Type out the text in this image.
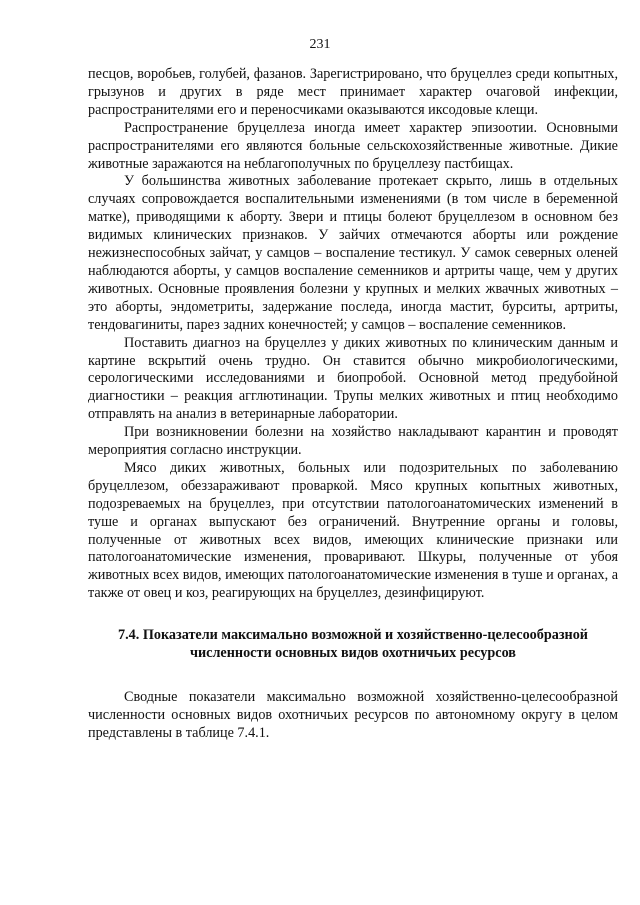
231

песцов, воробьев, голубей, фазанов. Зарегистрировано, что бруцеллез среди копытных, грызунов и других в ряде мест принимает характер очаговой инфекции, распространителями его и переносчиками оказываются иксодовые клещи.

Распространение бруцеллеза иногда имеет характер эпизоотии. Основными распространителями его являются больные сельскохозяйственные животные. Дикие животные заражаются на неблагополучных по бруцеллезу пастбищах.

У большинства животных заболевание протекает скрыто, лишь в отдельных случаях сопровождается воспалительными изменениями (в том числе в беременной матке), приводящими к аборту. Звери и птицы болеют бруцеллезом в основном без видимых клинических признаков. У зайчих отмечаются аборты или рождение нежизнеспособных зайчат, у самцов – воспаление тестикул. У самок северных оленей наблюдаются аборты, у самцов воспаление семенников и артриты чаще, чем у других животных. Основные проявления болезни у крупных и мелких жвачных животных – это аборты, эндометриты, задержание последа, иногда мастит, бурситы, артриты, тендовагиниты, парез задних конечностей; у самцов – воспаление семенников.

Поставить диагноз на бруцеллез у диких животных по клиническим данным и картине вскрытий очень трудно. Он ставится обычно микробиологическими, серологическими исследованиями и биопробой. Основной метод предубойной диагностики – реакция агглютинации. Трупы мелких животных и птиц необходимо отправлять на анализ в ветеринарные лаборатории.

При возникновении болезни на хозяйство накладывают карантин и проводят мероприятия согласно инструкции.

Мясо диких животных, больных или подозрительных по заболеванию бруцеллезом, обеззараживают проваркой. Мясо крупных копытных животных, подозреваемых на бруцеллез, при отсутствии патологоанатомических изменений в туше и органах выпускают без ограничений. Внутренние органы и головы, полученные от животных всех видов, имеющих клинические признаки или патологоанатомические изменения, проваривают. Шкуры, полученные от убоя животных всех видов, имеющих патологоанатомические изменения в туше и органах, а также от овец и коз, реагирующих на бруцеллез, дезинфицируют.

7.4. Показатели максимально возможной и хозяйственно-целесообразной
численности основных видов охотничьих ресурсов

Сводные показатели максимально возможной хозяйственно-целесообразной численности основных видов охотничьих ресурсов по автономному округу в целом представлены в таблице 7.4.1.
